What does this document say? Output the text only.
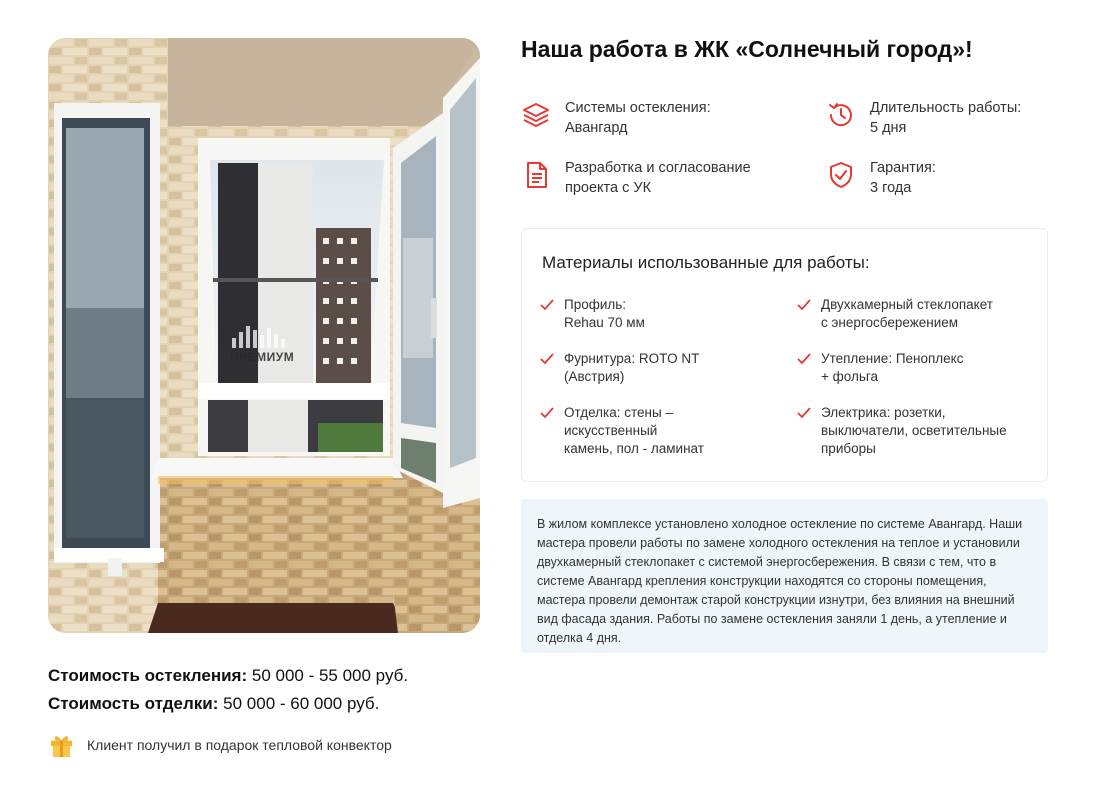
ПРЕМИУМ
Стоимость остекления: 50 000 - 55 000 руб.
Стоимость отделки: 50 000 - 60 000 руб.
Клиент получил в подарок тепловой конвектор
Наша работа в ЖК «Солнечный город»!
Системы остекления:
Авангард
Длительность работы:
5 дня
Разработка и согласование
проекта с УК
Гарантия:
3 года
Материалы использованные для работы:
Профиль:
Rehau 70 мм
Двухкамерный стеклопакет
с энергосбережением
Фурнитура: ROTO NT
(Австрия)
Утепление: Пеноплекс
+ фольга
Отделка: стены – искусственный
камень, пол - ламинат
Электрика: розетки,
выключатели, осветительные
приборы

В жилом комплексе установлено холодное остекление по системе Авангард. Наши мастера провели работы по замене холодного остекления на теплое и установили двухкамерный стеклопакет с системой энергосбережения. В связи с тем, что в системе Авангард крепления конструкции находятся со стороны помещения, мастера провели демонтаж старой конструкции изнутри, без влияния на внешний вид фасада здания. Работы по замене остекления заняли 1 день, а утепление и отделка 4 дня.
